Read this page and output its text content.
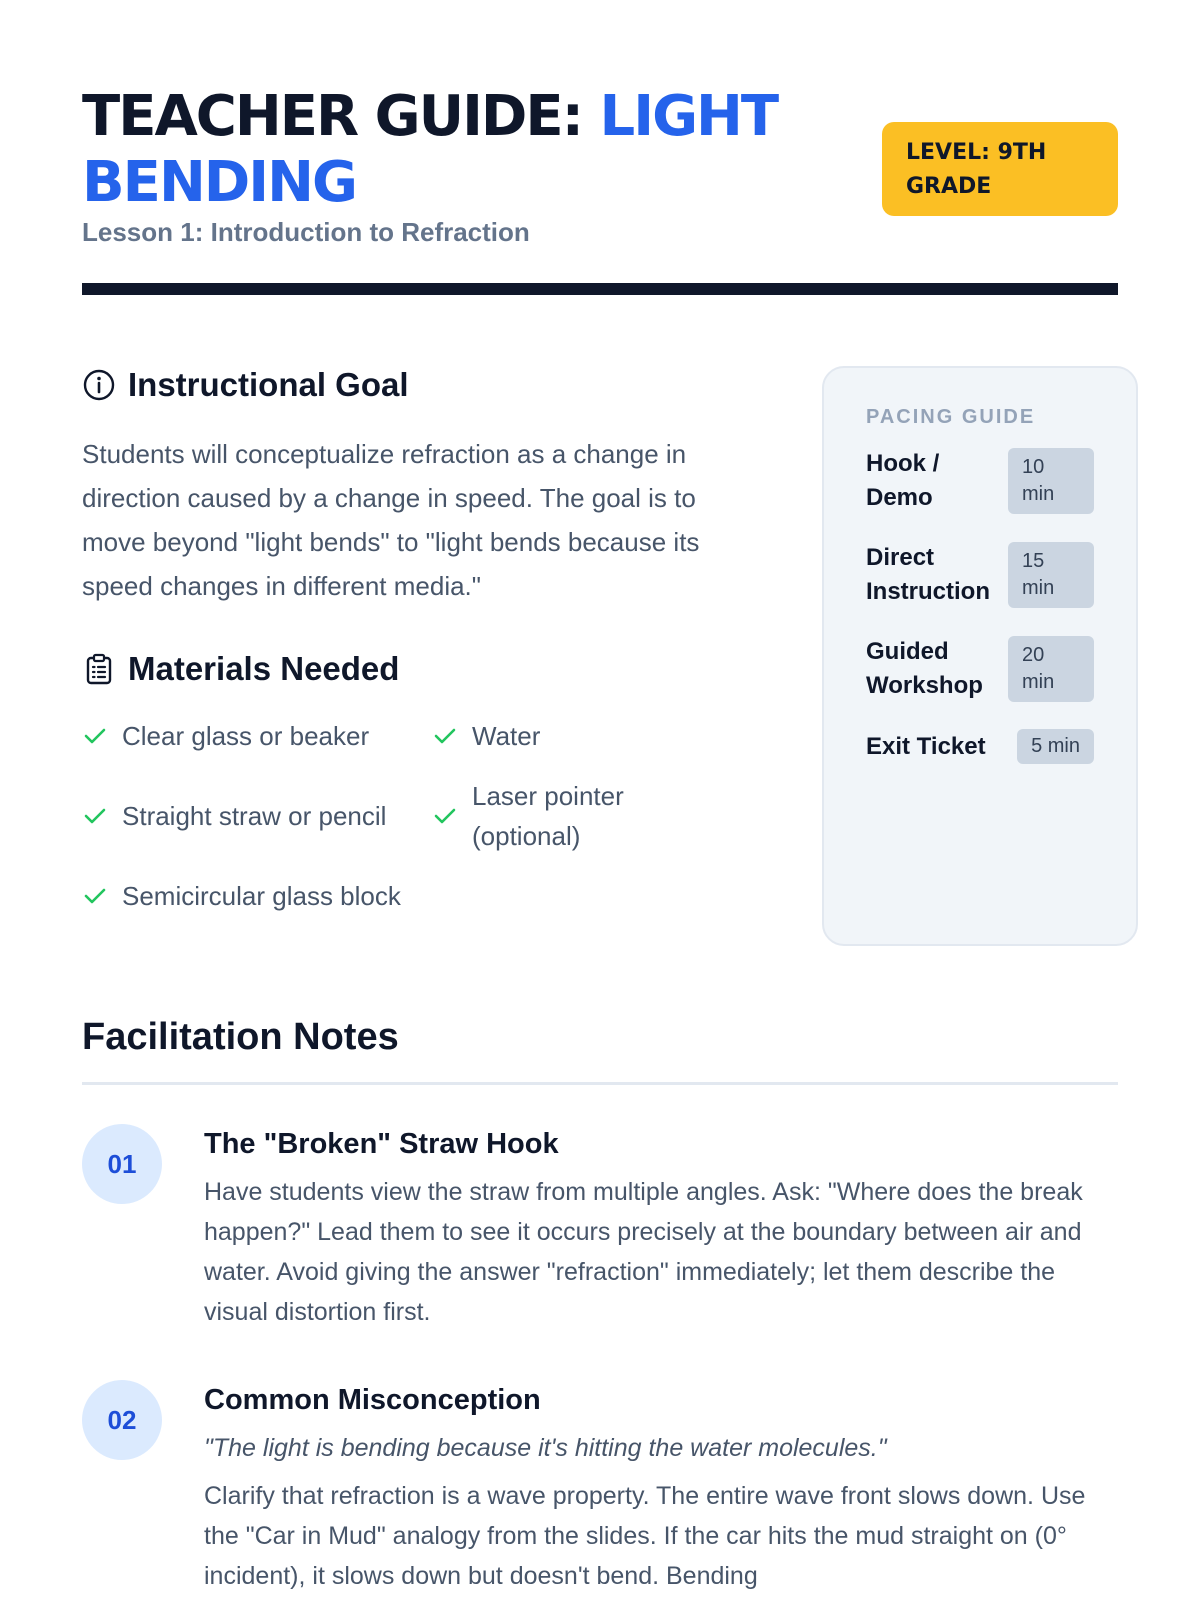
TEACHER GUIDE: LIGHT BENDING

Lesson 1: Introduction to Refraction

LEVEL: 9TH GRADE
Instructional Goal

Students will conceptualize refraction as a change in direction caused by a change in speed. The goal is to move beyond "light bends" to "light bends because its speed changes in different media."

Materials Needed
Clear glass or beaker	Water
Straight straw or pencil
Laser pointer (optional)
Semicircular glass block
PACING GUIDE
Hook / Demo
10 min
Direct Instruction
15 min
Guided Workshop
20 min
Exit Ticket	5 min
Facilitation Notes
01
The "Broken" Straw Hook

Have students view the straw from multiple angles. Ask: "Where does the break happen?" Lead them to see it occurs precisely at the boundary between air and water. Avoid giving the answer "refraction" immediately; let them describe the visual distortion first.

02
Common Misconception

"The light is bending because it's hitting the water molecules."

Clarify that refraction is a wave property. The entire wave front slows down. Use the "Car in Mud" analogy from the slides. If the car hits the mud straight on (0° incident), it slows down but doesn't bend. Bending
